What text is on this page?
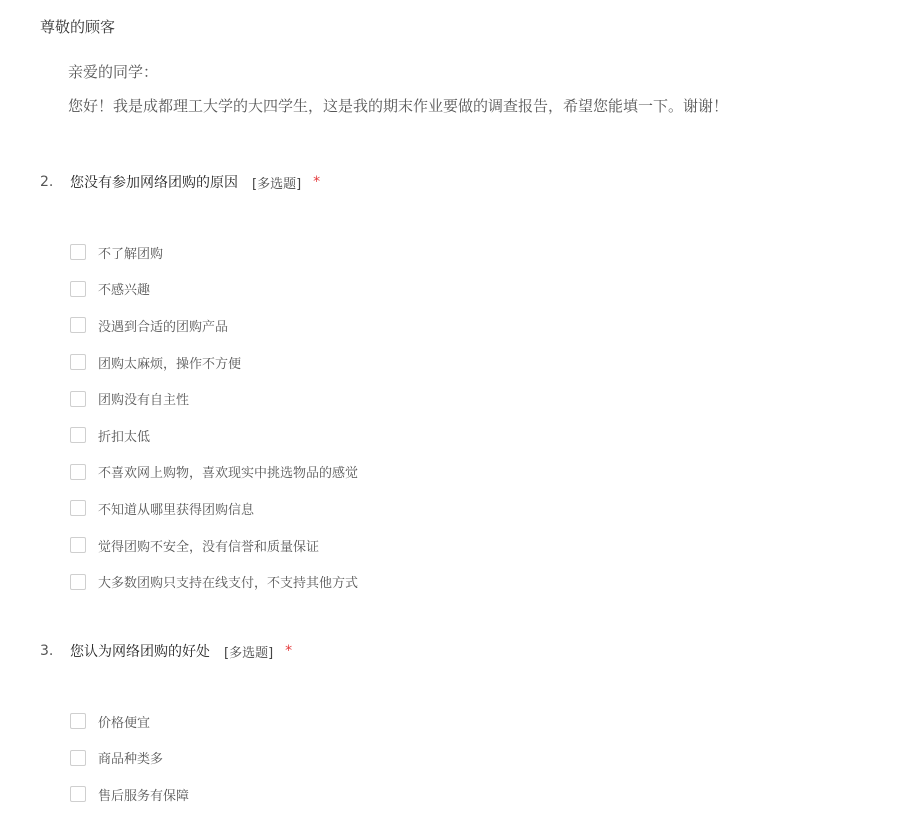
尊敬的顾客

亲爱的同学：

您好！我是成都理工大学的大四学生，这是我的期末作业要做的调查报告，希望您能填一下。谢谢！

2.	您没有参加网络团购的原因 [多选题] *
不了解团购
不感兴趣
没遇到合适的团购产品
团购太麻烦，操作不方便
团购没有自主性
折扣太低
不喜欢网上购物，喜欢现实中挑选物品的感觉
不知道从哪里获得团购信息
觉得团购不安全，没有信誉和质量保证
大多数团购只支持在线支付，不支持其他方式
3.	您认为网络团购的好处 [多选题] *
价格便宜
商品种类多
售后服务有保障
